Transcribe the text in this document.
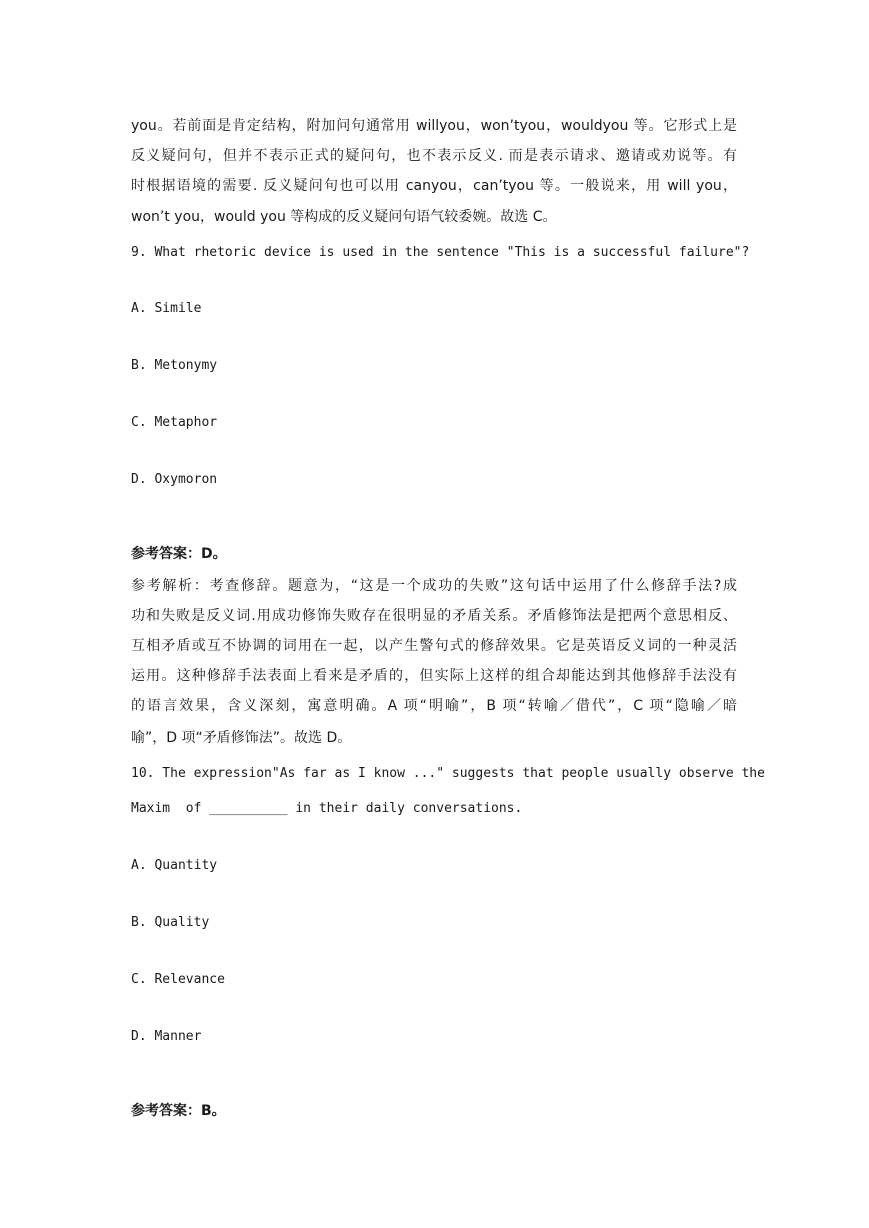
you。若前面是肯定结构，附加问句通常用 willyou，won’tyou，wouldyou 等。它形式上是
反义疑问句，但并不表示正式的疑问句，也不表示反义. 而是表示请求、邀请或劝说等。有
时根据语境的需要. 反义疑问句也可以用 canyou，can’tyou 等。一般说来，用 will you，
won’t you，would you 等构成的反义疑问句语气较委婉。故选 C。
9. What rhetoric device is used in the sentence "This is a successful failure"?
A. Simile
B. Metonymy
C. Metaphor
D. Oxymoron
参考答案：D。
参考解析：考查修辞。题意为，“这是一个成功的失败”这句话中运用了什么修辞手法?成
功和失败是反义词.用成功修饰失败存在很明显的矛盾关系。矛盾修饰法是把两个意思相反、
互相矛盾或互不协调的词用在一起，以产生警句式的修辞效果。它是英语反义词的一种灵活
运用。这种修辞手法表面上看来是矛盾的，但实际上这样的组合却能达到其他修辞手法没有
的语言效果，含义深刻，寓意明确。A 项“明喻”，B 项“转喻／借代”，C 项“隐喻／暗
喻”，D 项“矛盾修饰法”。故选 D。
10. The expression"As far as I know ..." suggests that people usually observe the
Maxim  of __________ in their daily conversations.
A. Quantity
B. Quality
C. Relevance
D. Manner
参考答案：B。
